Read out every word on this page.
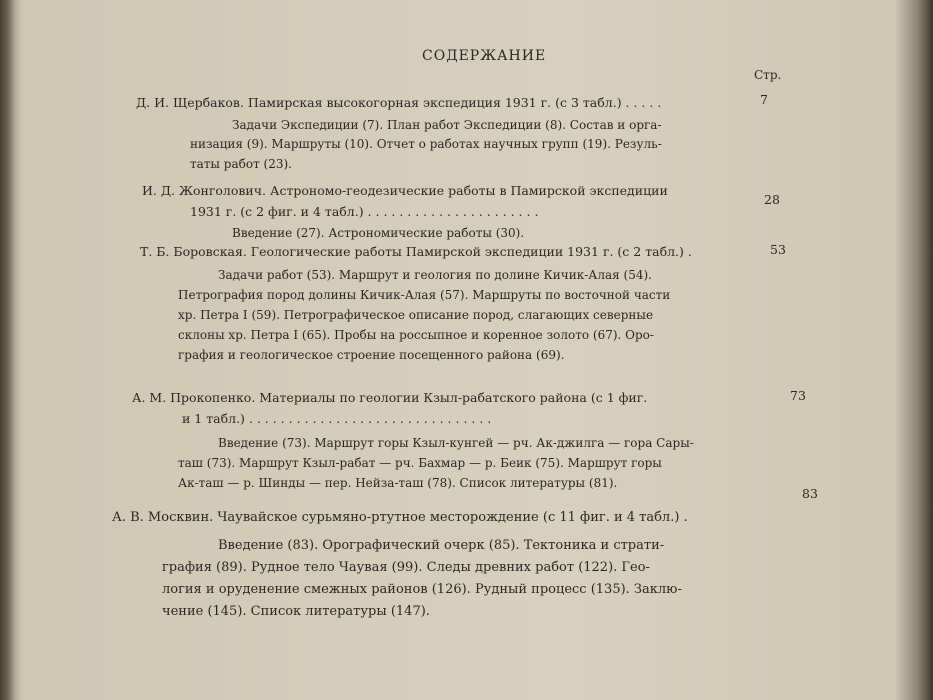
СОДЕРЖАНИЕ
Стр.
Д. И. Щербаков. Памирская высокогорная экспедиция 1931 г. (с 3 табл.) . . . . .	7
Задачи Экспедиции (7). План работ Экспедиции (8). Состав и орга-
низация (9). Маршруты (10). Отчет о работах научных групп (19). Резуль-
таты работ (23).
И. Д. Жонголович. Астрономо-геодезические работы в Памирской экспедиции
1931 г. (с 2 фиг. и 4 табл.) . . . . . . . . . . . . . . . . . . . . . .
28
Введение (27). Астрономические работы (30).
Т. Б. Боровская. Геологические работы Памирской экспедиции 1931 г. (с 2 табл.) .	53
Задачи работ (53). Маршрут и геология по долине Кичик-Алая (54).
Петрография пород долины Кичик-Алая (57). Маршруты по восточной части
хр. Петра I (59). Петрографическое описание пород, слагающих северные
склоны хр. Петра I (65). Пробы на россыпное и коренное золото (67). Оро-
графия и геологическое строение посещенного района (69).
А. М. Прокопенко. Материалы по геологии Кзыл-рабатского района (с 1 фиг.
и 1 табл.) . . . . . . . . . . . . . . . . . . . . . . . . . . . . . . .
73
Введение (73). Маршрут горы Кзыл-кунгей — рч. Ак-джилга — гора Сары-
таш (73). Маршрут Кзыл-рабат — рч. Бахмар — р. Беик (75). Маршрут горы
Ак-таш — р. Шинды — пер. Нейза-таш (78). Список литературы (81).
А. В. Москвин. Чаувайское сурьмяно-ртутное месторождение (с 11 фиг. и 4 табл.) .
83
Введение (83). Орографический очерк (85). Тектоника и страти-
графия (89). Рудное тело Чаувая (99). Следы древних работ (122). Гео-
логия и оруденение смежных районов (126). Рудный процесс (135). Заклю-
чение (145). Список литературы (147).
